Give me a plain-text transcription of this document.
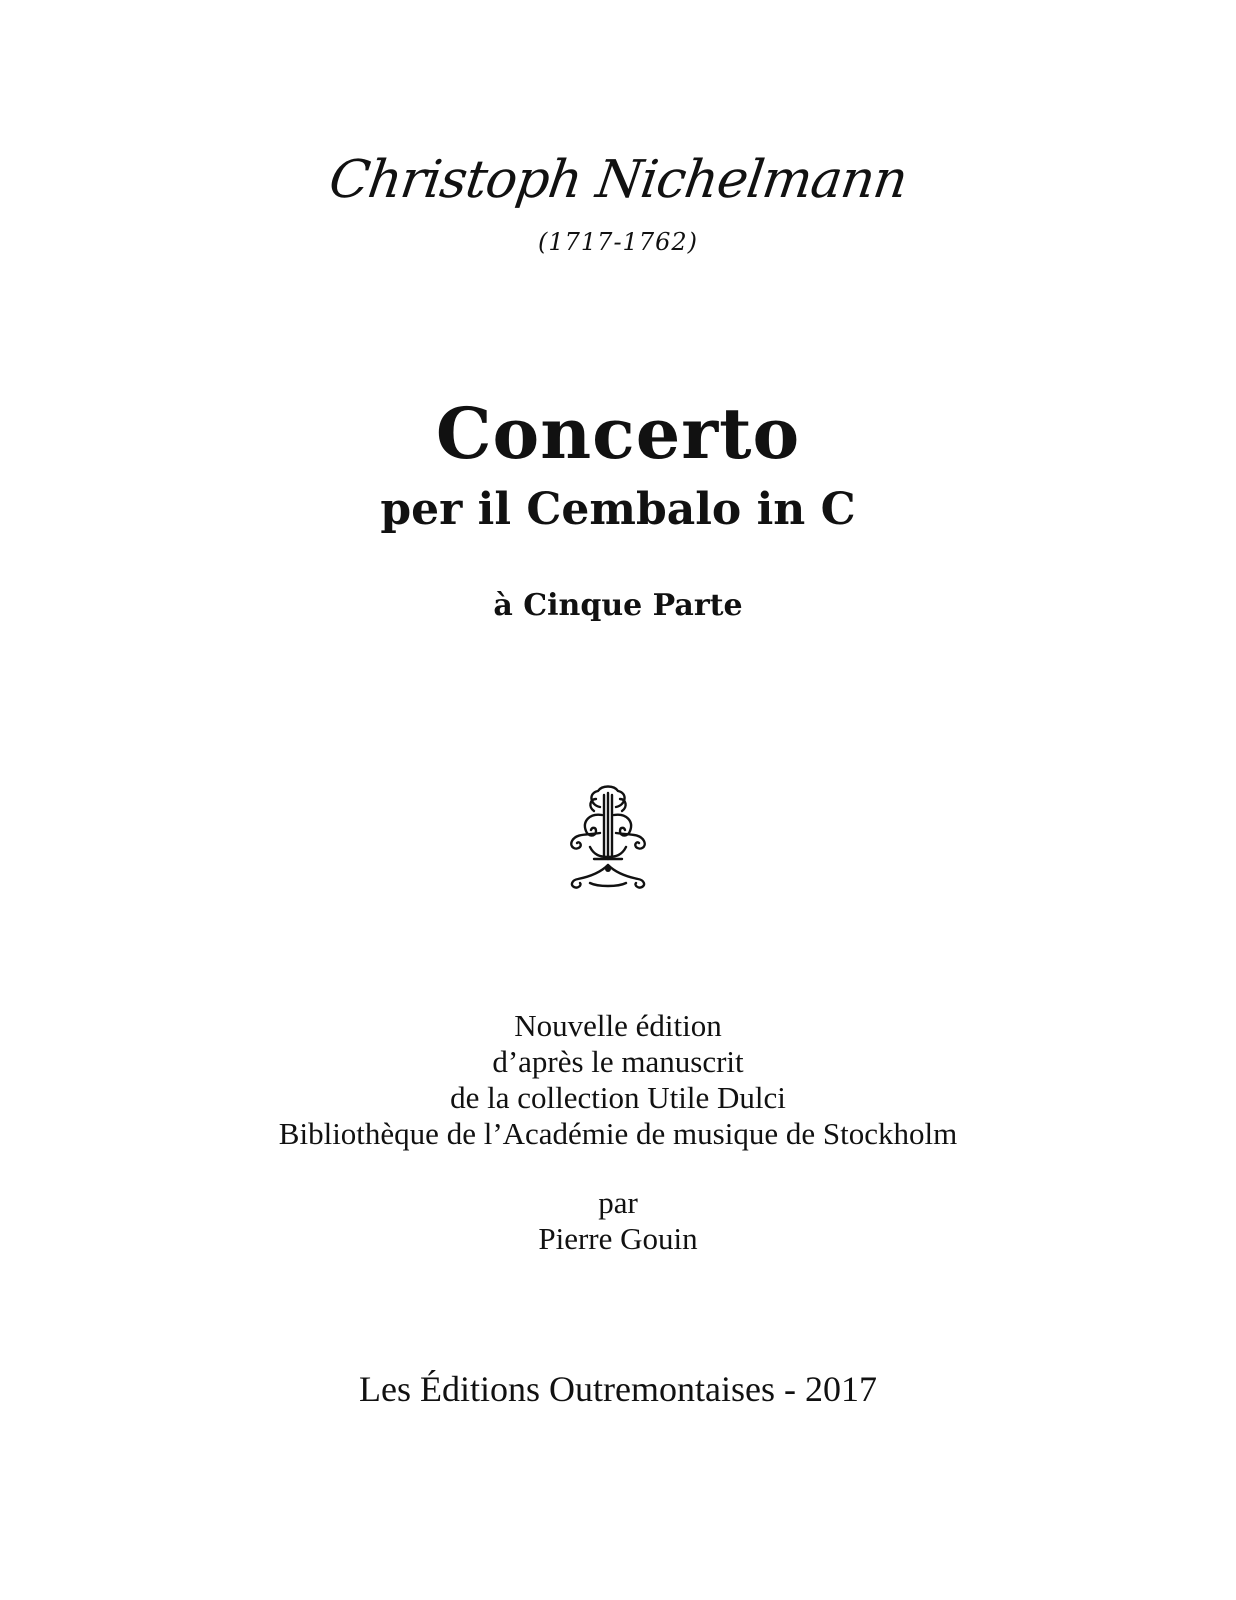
Christoph Nichelmann
(1717-1762)
Concerto
per il Cembalo in C
à Cinque Parte
Nouvelle édition
d’après le manuscrit
de la collection Utile Dulci
Bibliothèque de l’Académie de musique de Stockholm
par
Pierre Gouin
Les Éditions Outremontaises - 2017
